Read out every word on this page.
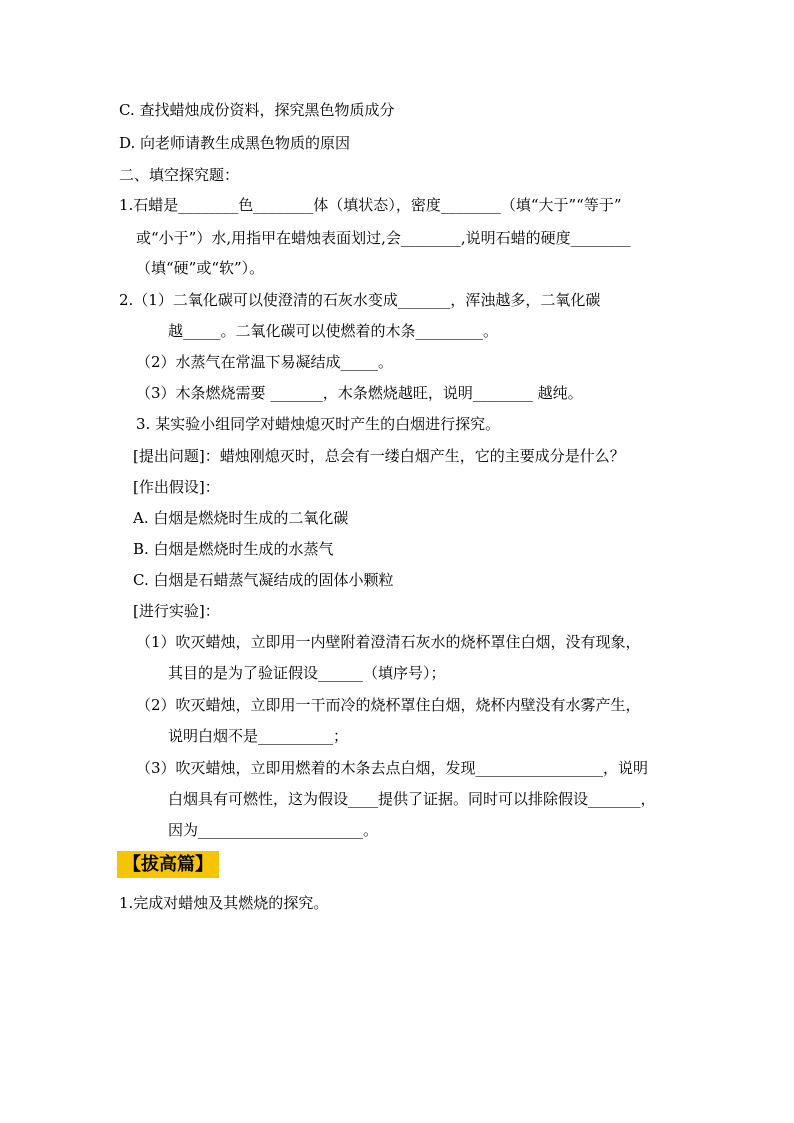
C. 查找蜡烛成份资料，探究黑色物质成分
D. 向老师请教生成黑色物质的原因
二、填空探究题：
1.石蜡是________色________体（填状态），密度________（填“大于”“等于”
或“小于”）水,用指甲在蜡烛表面划过,会________,说明石蜡的硬度________
（填“硬”或“软”）。
2.（1）二氧化碳可以使澄清的石灰水变成_______，浑浊越多，二氧化碳
越_____。二氧化碳可以使燃着的木条_________。
（2）水蒸气在常温下易凝结成_____。
（3）木条燃烧需要 _______，木条燃烧越旺，说明________ 越纯。
3. 某实验小组同学对蜡烛熄灭时产生的白烟进行探究。
[提出问题]：蜡烛刚熄灭时，总会有一缕白烟产生，它的主要成分是什么？
[作出假设]：
A. 白烟是燃烧时生成的二氧化碳
B. 白烟是燃烧时生成的水蒸气
C. 白烟是石蜡蒸气凝结成的固体小颗粒
[进行实验]：
（1）吹灭蜡烛，立即用一内壁附着澄清石灰水的烧杯罩住白烟，没有现象，
其目的是为了验证假设______（填序号）；
（2）吹灭蜡烛，立即用一干而冷的烧杯罩住白烟，烧杯内壁没有水雾产生，
说明白烟不是__________；
（3）吹灭蜡烛，立即用燃着的木条去点白烟，发现_________________，说明
白烟具有可燃性，这为假设____提供了证据。同时可以排除假设_______，
因为______________________。
【拔高篇】
1.完成对蜡烛及其燃烧的探究。
